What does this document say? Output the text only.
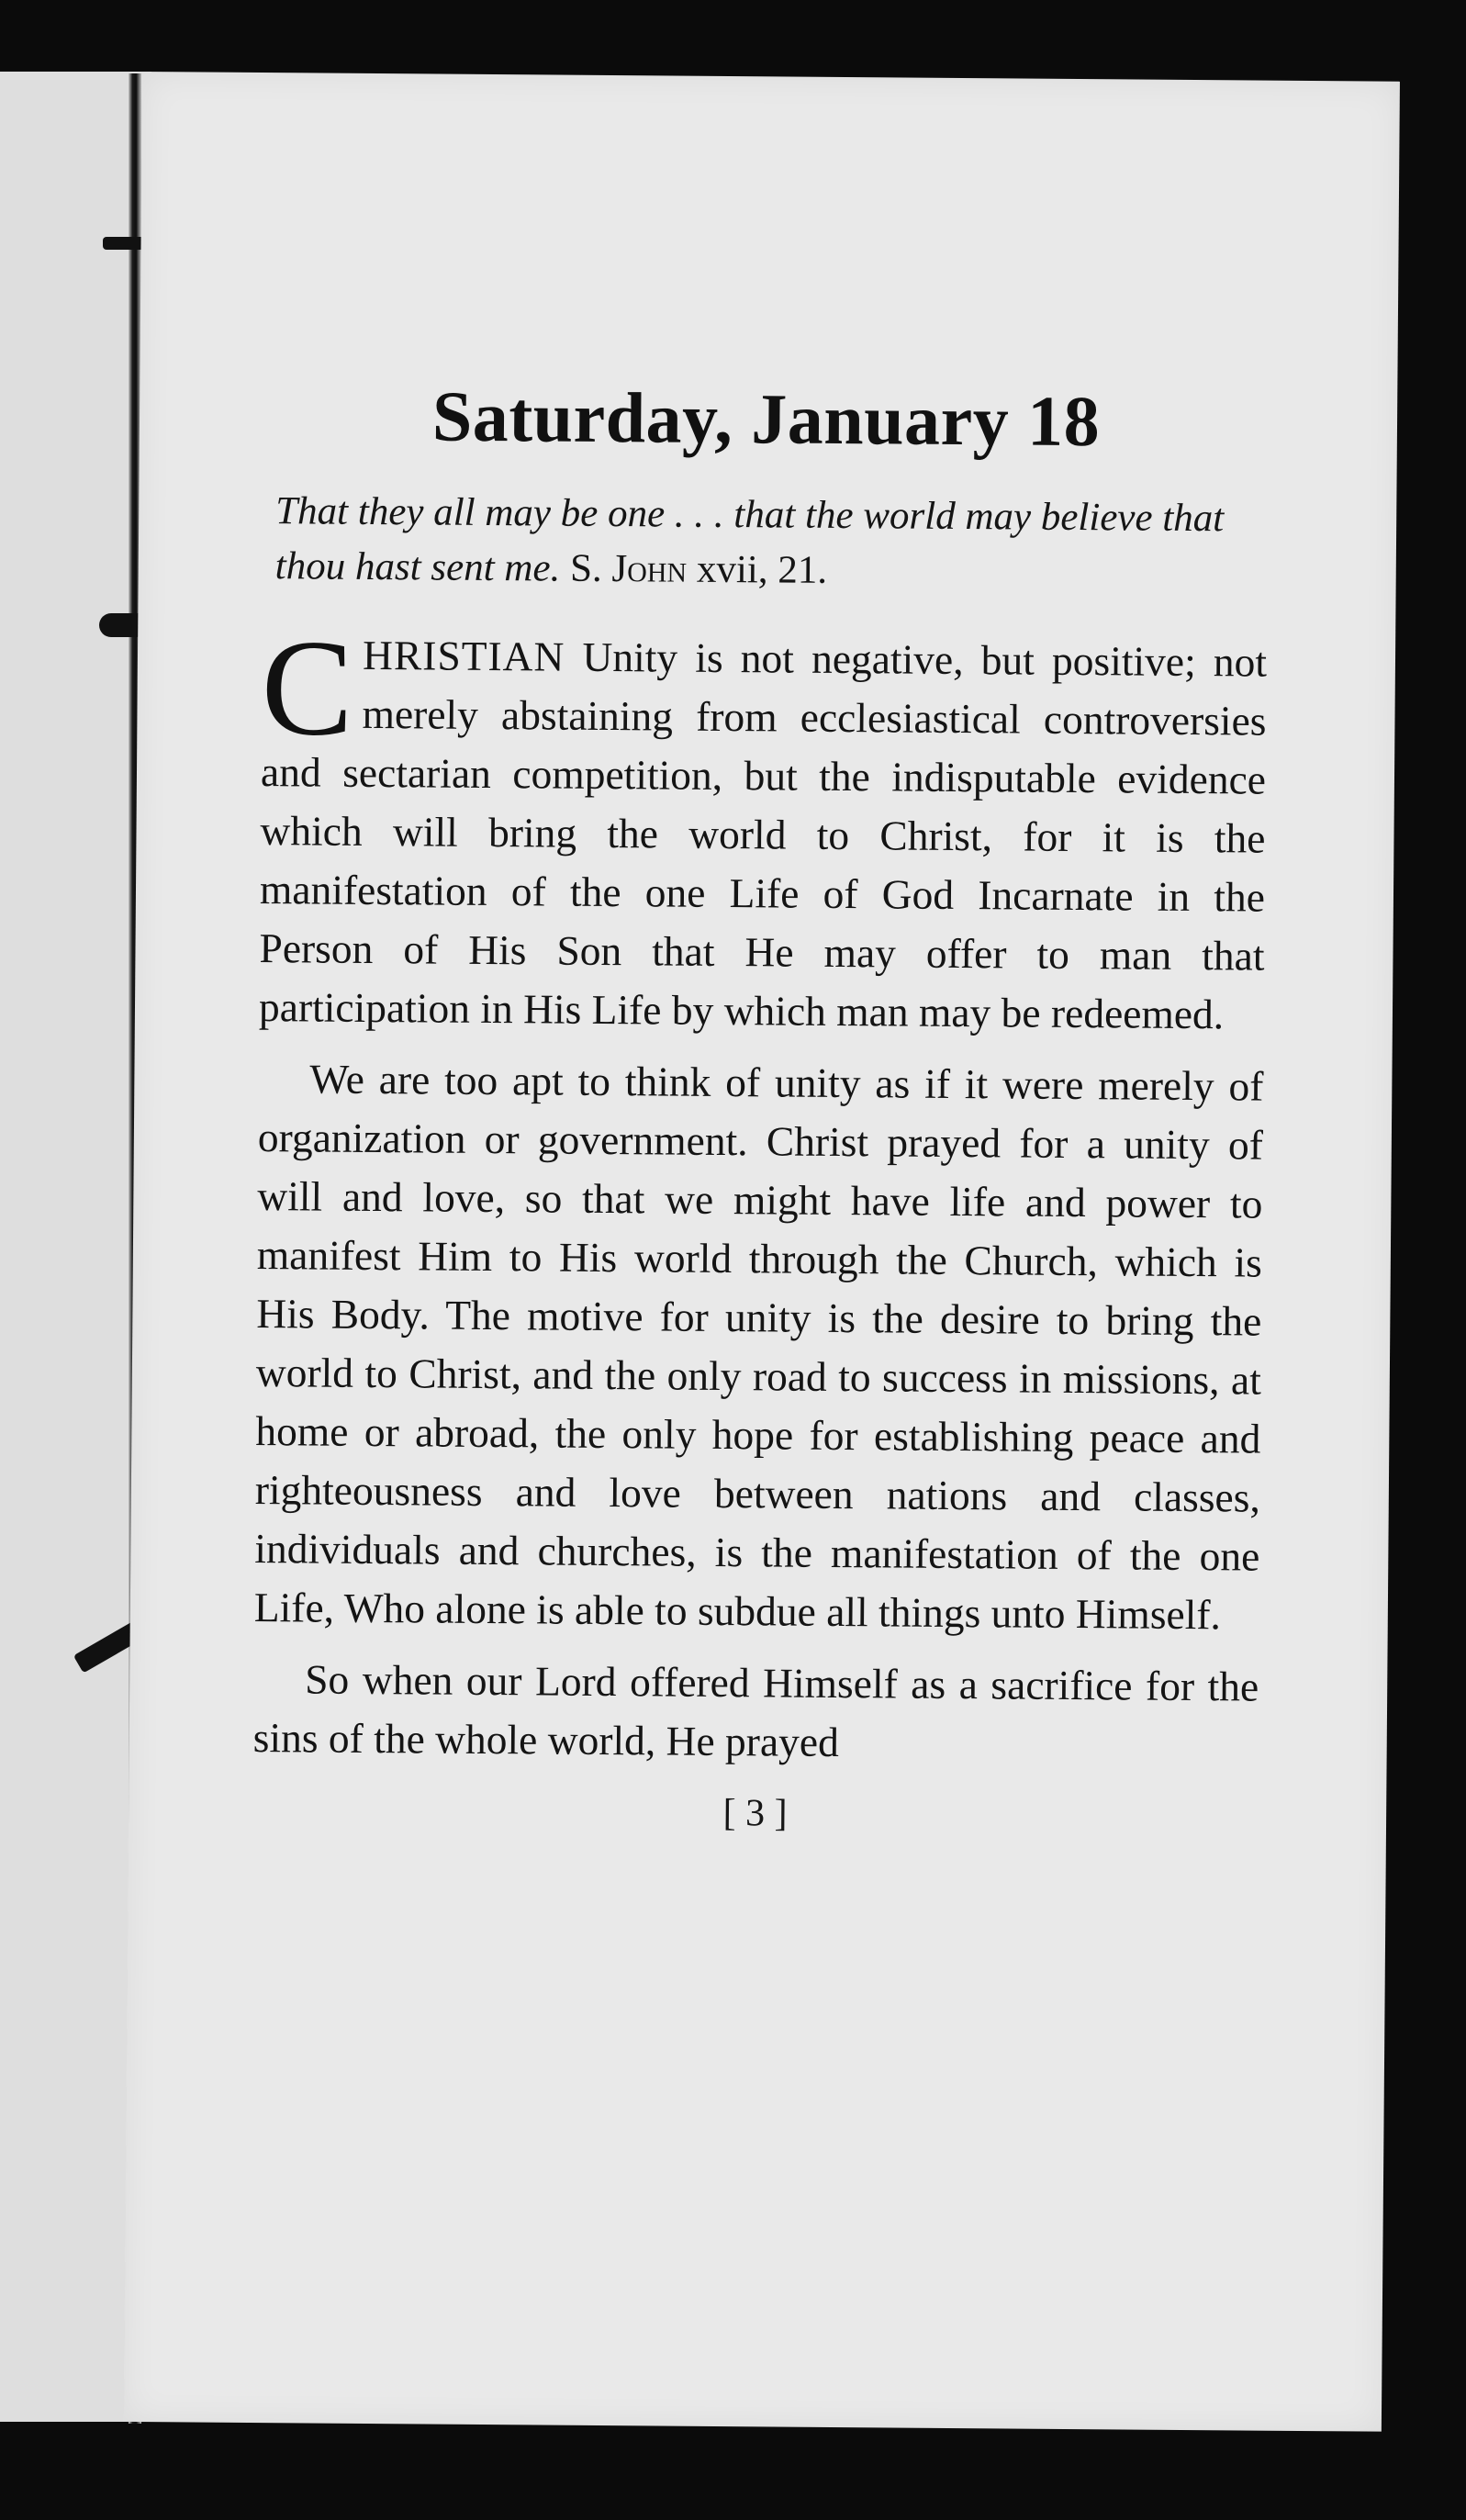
Saturday, January 18

That they all may be one . . . that the world may believe that thou hast sent me. S. John xvii, 21.

CHRISTIAN Unity is not negative, but positive; not merely abstaining from ecclesiastical controversies and sectarian competition, but the indisputable evidence which will bring the world to Christ, for it is the manifestation of the one Life of God Incarnate in the Person of His Son that He may offer to man that participation in His Life by which man may be redeemed.

We are too apt to think of unity as if it were merely of organization or government. Christ prayed for a unity of will and love, so that we might have life and power to manifest Him to His world through the Church, which is His Body. The motive for unity is the desire to bring the world to Christ, and the only road to success in missions, at home or abroad, the only hope for establishing peace and righteousness and love between nations and classes, individuals and churches, is the manifestation of the one Life, Who alone is able to subdue all things unto Himself.

So when our Lord offered Himself as a sacrifice for the sins of the whole world, He prayed

[ 3 ]
